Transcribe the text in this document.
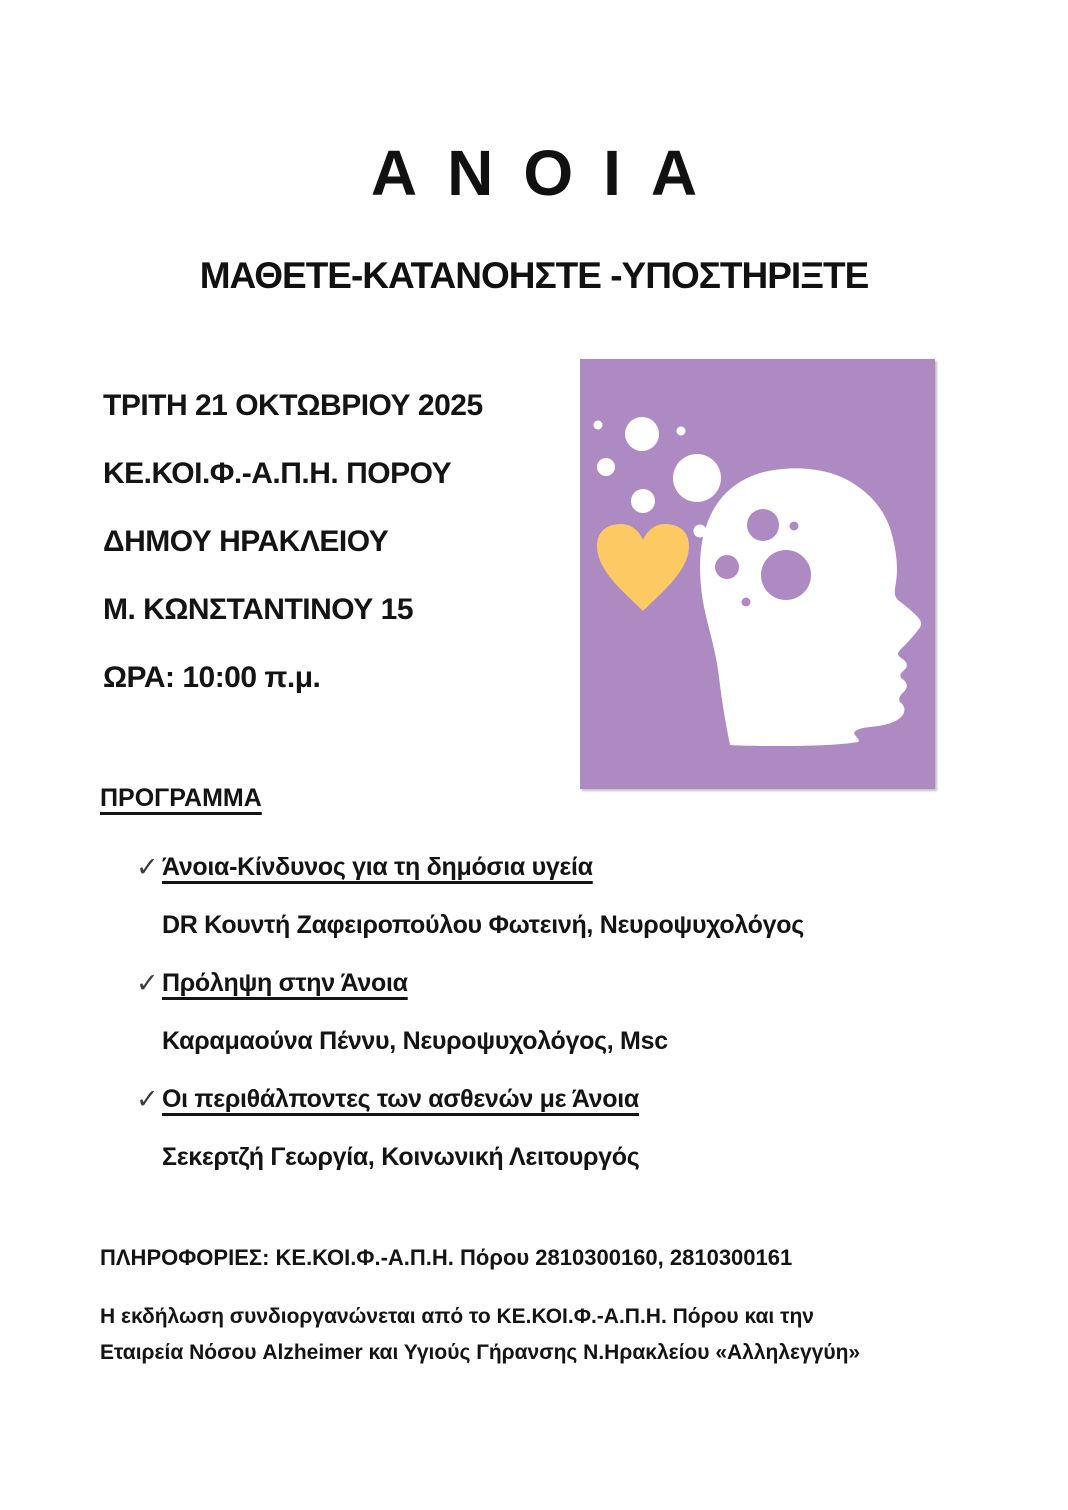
ΑΝΟΙΑ
ΜΑΘΕΤΕ-ΚΑΤΑΝΟΗΣΤΕ -ΥΠΟΣΤΗΡΙΞΤΕ
ΤΡΙΤΗ 21 ΟΚΤΩΒΡΙΟΥ 2025
ΚΕ.ΚΟΙ.Φ.-Α.Π.Η. ΠΟΡΟΥ
ΔΗΜΟΥ ΗΡΑΚΛΕΙΟΥ
Μ. ΚΩΝΣΤΑΝΤΙΝΟΥ 15
ΩΡΑ: 10:00 π.μ.
ΠΡΟΓΡΑΜΜΑ
✓ Άνοια-Κίνδυνος για τη δημόσια υγεία
DR Κουντή Ζαφειροπούλου Φωτεινή, Νευροψυχολόγος
✓ Πρόληψη στην Άνοια
Καραμαούνα Πέννυ, Νευροψυχολόγος, Msc
✓ Οι περιθάλποντες των ασθενών με Άνοια
Σεκερτζή Γεωργία, Κοινωνική Λειτουργός
ΠΛΗΡΟΦΟΡΙΕΣ: ΚΕ.ΚΟΙ.Φ.-Α.Π.Η. Πόρου 2810300160, 2810300161
Η εκδήλωση συνδιοργανώνεται από το ΚΕ.ΚΟΙ.Φ.-Α.Π.Η. Πόρου και την
Εταιρεία Νόσου Alzheimer και Υγιούς Γήρανσης Ν.Ηρακλείου «Αλληλεγγύη»
